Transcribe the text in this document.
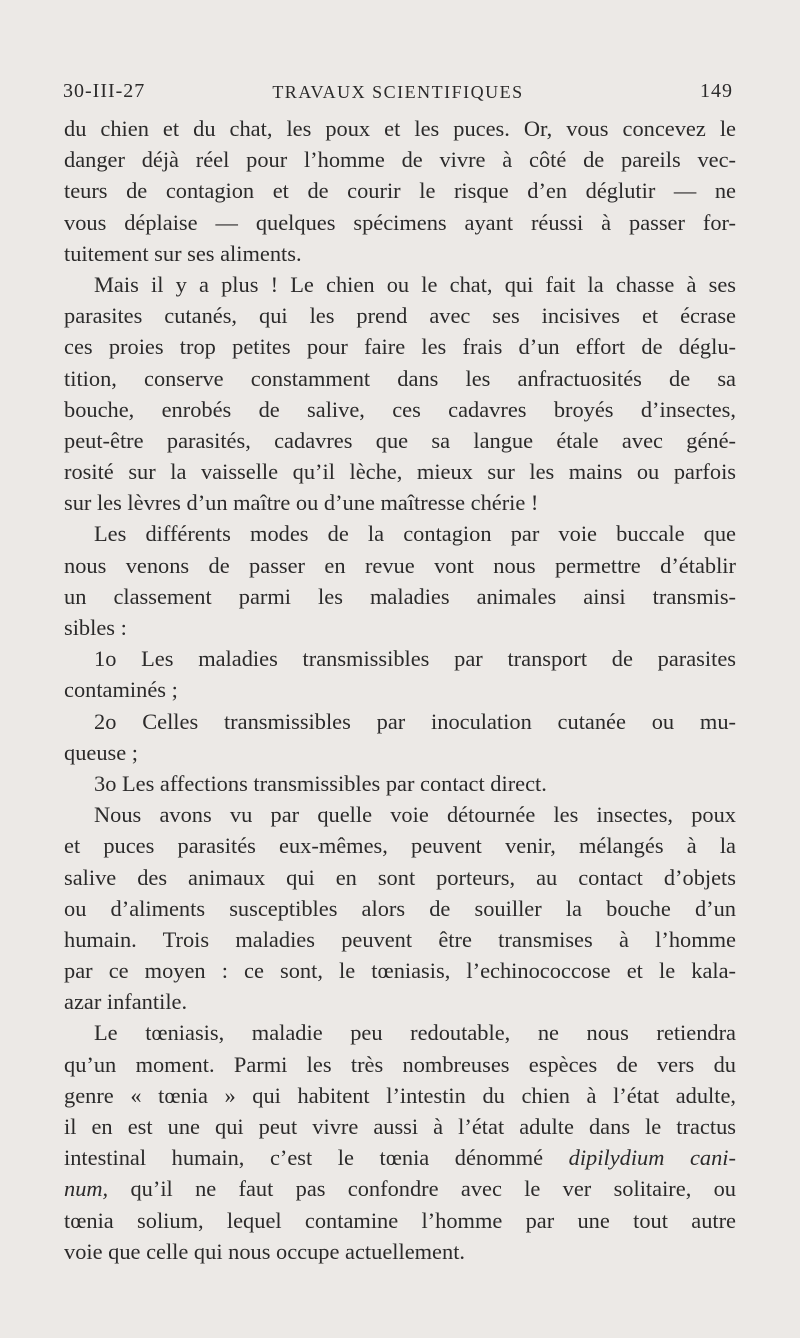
30-III-27	TRAVAUX SCIENTIFIQUES	149
du chien et du chat, les poux et les puces. Or, vous concevez le
danger déjà réel pour l’homme de vivre à côté de pareils vec-
teurs de contagion et de courir le risque d’en déglutir — ne
vous déplaise — quelques spécimens ayant réussi à passer for-
tuitement sur ses aliments.
Mais il y a plus ! Le chien ou le chat, qui fait la chasse à ses
parasites cutanés, qui les prend avec ses incisives et écrase
ces proies trop petites pour faire les frais d’un effort de déglu-
tition, conserve constamment dans les anfractuosités de sa
bouche, enrobés de salive, ces cadavres broyés d’insectes,
peut-être parasités, cadavres que sa langue étale avec géné-
rosité sur la vaisselle qu’il lèche, mieux sur les mains ou parfois
sur les lèvres d’un maître ou d’une maîtresse chérie !
Les différents modes de la contagion par voie buccale que
nous venons de passer en revue vont nous permettre d’établir
un classement parmi les maladies animales ainsi transmis-
sibles :
1o Les maladies transmissibles par transport de parasites
contaminés ;
2o Celles transmissibles par inoculation cutanée ou mu-
queuse ;
3o Les affections transmissibles par contact direct.
Nous avons vu par quelle voie détournée les insectes, poux
et puces parasités eux-mêmes, peuvent venir, mélangés à la
salive des animaux qui en sont porteurs, au contact d’objets
ou d’aliments susceptibles alors de souiller la bouche d’un
humain. Trois maladies peuvent être transmises à l’homme
par ce moyen : ce sont, le tœniasis, l’echinococcose et le kala-
azar infantile.
Le tœniasis, maladie peu redoutable, ne nous retiendra
qu’un moment. Parmi les très nombreuses espèces de vers du
genre « tœnia » qui habitent l’intestin du chien à l’état adulte,
il en est une qui peut vivre aussi à l’état adulte dans le tractus
intestinal humain, c’est le tœnia dénommé dipilydium cani-
num, qu’il ne faut pas confondre avec le ver solitaire, ou
tœnia solium, lequel contamine l’homme par une tout autre
voie que celle qui nous occupe actuellement.
